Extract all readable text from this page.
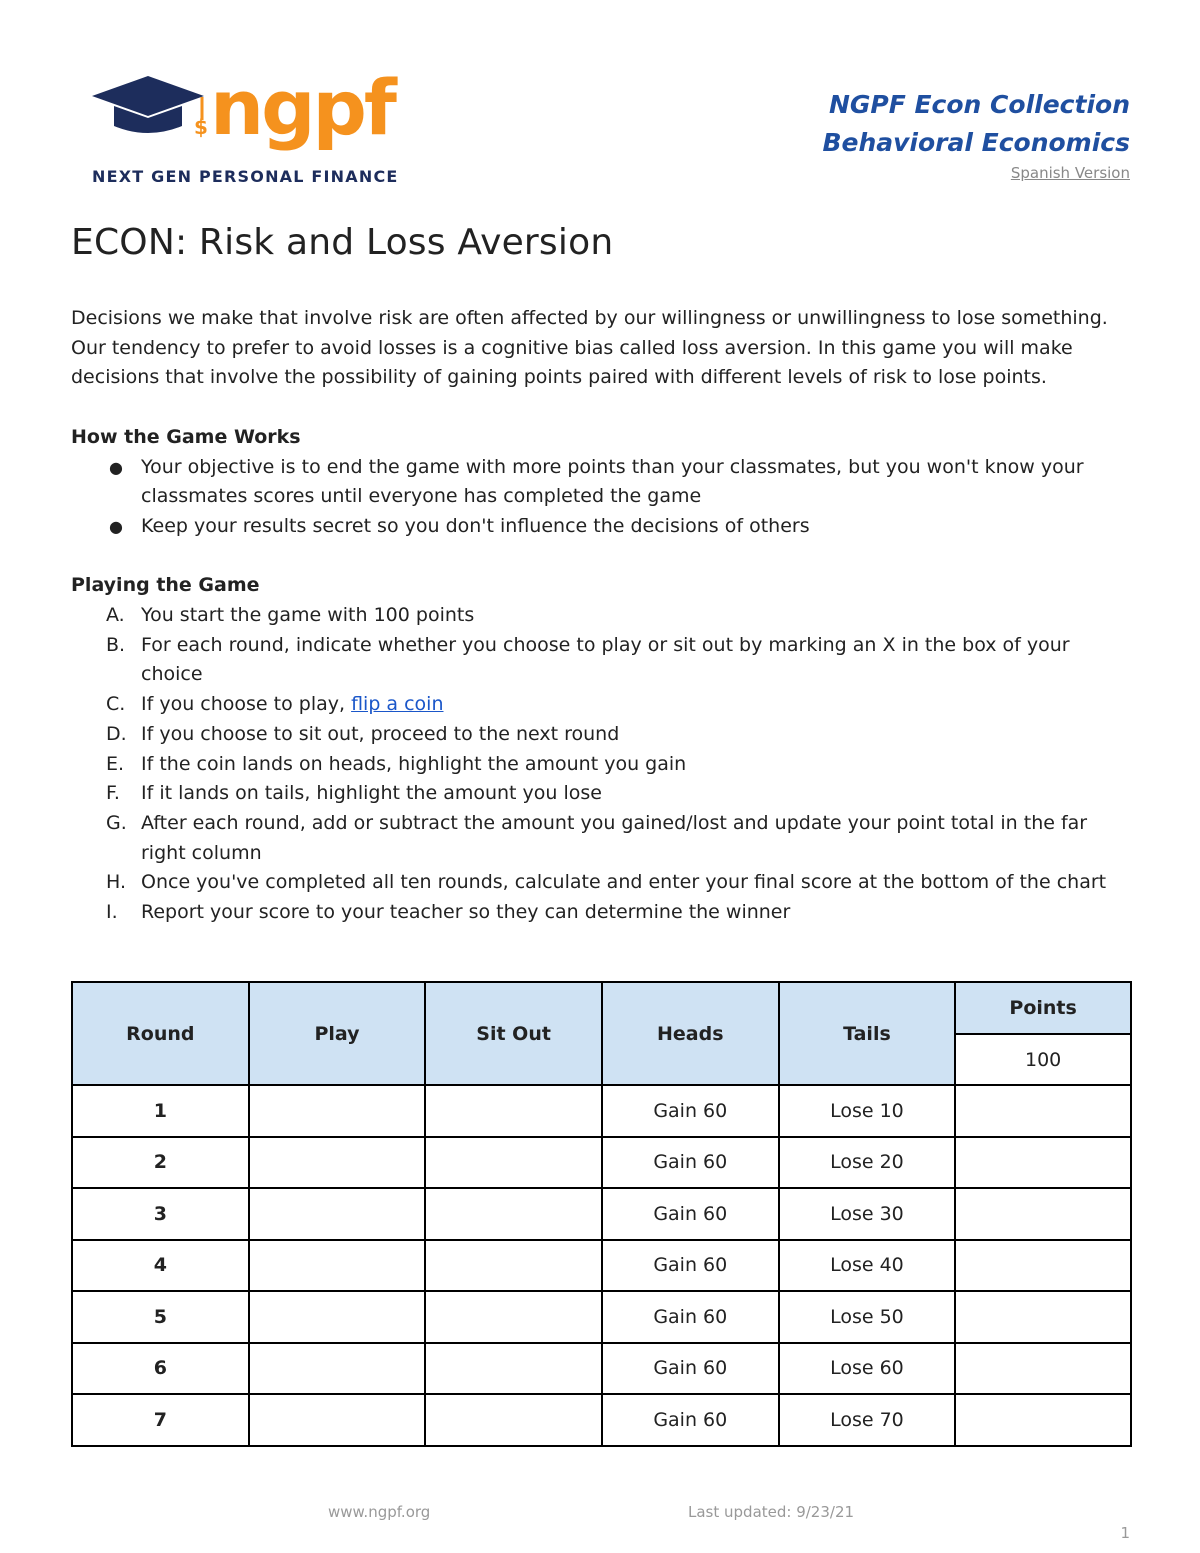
$ ngpf
NEXT GEN PERSONAL FINANCE
NGPF Econ Collection
Behavioral Economics
Spanish Version
ECON: Risk and Loss Aversion

Decisions we make that involve risk are often affected by our willingness or unwillingness to lose something. Our tendency to prefer to avoid losses is a cognitive bias called loss aversion. In this game you will make decisions that involve the possibility of gaining points paired with different levels of risk to lose points.

How the Game Works

● Your objective is to end the game with more points than your classmates, but you won't know your classmates scores until everyone has completed the game
● Keep your results secret so you don't influence the decisions of others

Playing the Game

A. You start the game with 100 points
B. For each round, indicate whether you choose to play or sit out by marking an X in the box of your choice
C. If you choose to play, flip a coin
D. If you choose to sit out, proceed to the next round
E. If the coin lands on heads, highlight the amount you gain
F. If it lands on tails, highlight the amount you lose
G. After each round, add or subtract the amount you gained/lost and update your point total in the far right column
H. Once you've completed all ten rounds, calculate and enter your final score at the bottom of the chart
I. Report your score to your teacher so they can determine the winner
Round	Play	Sit Out	Heads	Tails	Points
					100
1			Gain 60	Lose 10	
2			Gain 60	Lose 20	
3			Gain 60	Lose 30	
4			Gain 60	Lose 40	
5			Gain 60	Lose 50	
6			Gain 60	Lose 60	
7			Gain 60	Lose 70	
www.ngpf.org	Last updated: 9/23/21
1
